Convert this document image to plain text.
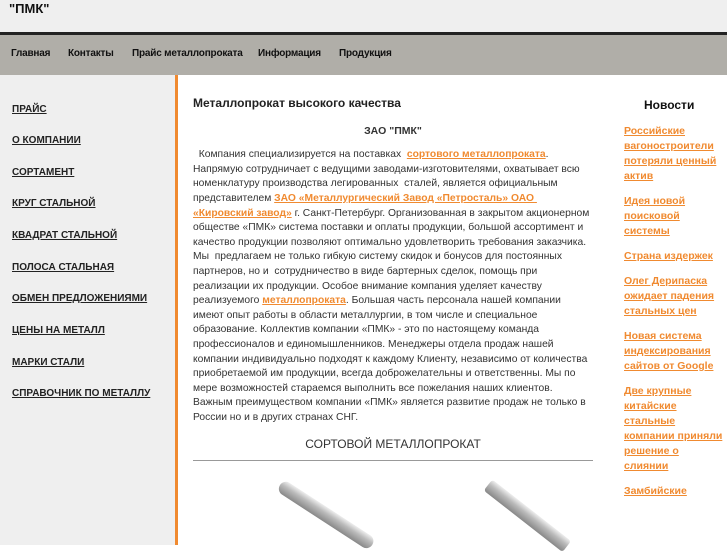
"ПМК"
Главная Контакты Прайс металлопроката Информация Продукция
ПРАЙС
О КОМПАНИИ
СОРТАМЕНТ
КРУГ СТАЛЬНОЙ
КВАДРАТ СТАЛЬНОЙ
ПОЛОСА СТАЛЬНАЯ
ОБМЕН ПРЕДЛОЖЕНИЯМИ
ЦЕНЫ НА МЕТАЛЛ
МАРКИ СТАЛИ
СПРАВОЧНИК ПО МЕТАЛЛУ
Металлопрокат высокого качества
ЗАО "ПМК"
Компания специализируется на поставках  сортового металлопроката. Напрямую сотрудничает с ведущими заводами-изготовителями, охватывает всю номенклатуру производства легированных  сталей, является официальным представителем ЗАО «Металлургический Завод «Петросталь» ОАО «Кировский завод» г. Санкт-Петербург. Организованная в закрытом акционерном обществе «ПМК» система поставки и оплаты продукции, большой ассортимент и качество продукции позволяют оптимально удовлетворить требования заказчика. Мы  предлагаем не только гибкую систему скидок и бонусов для постоянных партнеров, но и  сотрудничество в виде бартерных сделок, помощь при реализации их продукции. Особое внимание компания уделяет качеству реализуемого металлопроката. Большая часть персонала нашей компании имеют опыт работы в области металлургии, в том числе и специальное образование. Коллектив компании «ПМК» - это по настоящему команда профессионалов и единомышленников. Менеджеры отдела продаж нашей компании индивидуально подходят к каждому Клиенту, независимо от количества приобретаемой им продукции, всегда доброжелательны и ответственны. Мы по мере возможностей стараемся выполнить все пожелания наших клиентов. Важным преимуществом компании «ПМК» является развитие продаж не только в России но и в других странах СНГ.
СОРТОВОЙ МЕТАЛЛОПРОКАТ
Новости
Российские вагоностроители потеряли ценный актив
Идея новой поисковой системы
Страна издержек
Олег Дерипаска ожидает падения стальных цен
Новая система индексирования сайтов от Google
Две крупные китайские стальные компании приняли решение о слиянии
Замбийские
